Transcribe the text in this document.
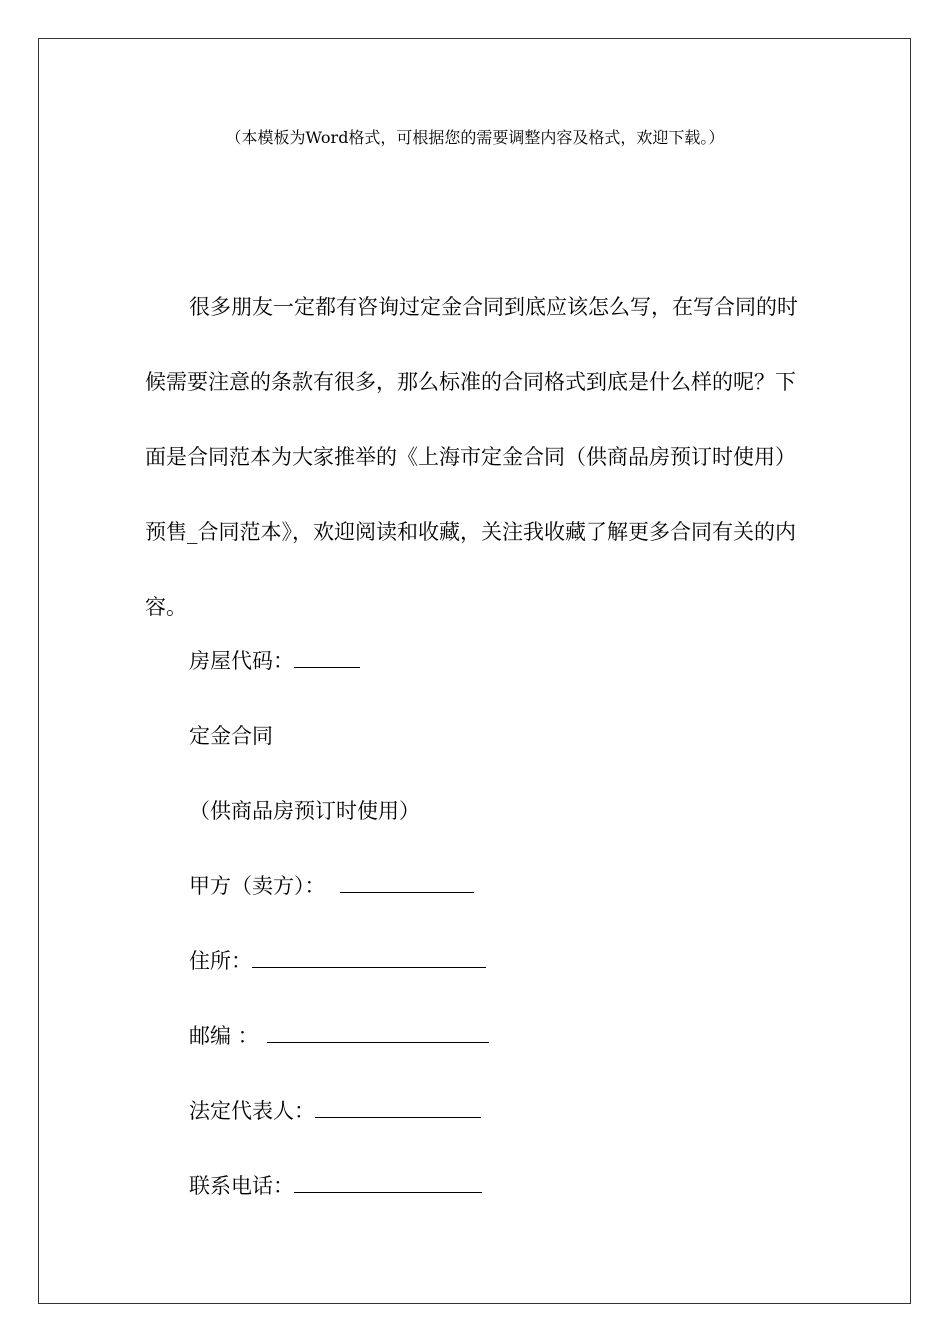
（本模板为Word格式，可根据您的需要调整内容及格式，欢迎下载。）

很多朋友一定都有咨询过定金合同到底应该怎么写，在写合同的时候需要注意的条款有很多，那么标准的合同格式到底是什么样的呢？下面是合同范本为大家推举的《上海市定金合同（供商品房预订时使用）预售_合同范本》，欢迎阅读和收藏，关注我收藏了解更多合同有关的内容。

房屋代码：
定金合同
（供商品房预订时使用）
甲方（卖方）：
住所：
邮编 ：
法定代表人：
联系电话：
